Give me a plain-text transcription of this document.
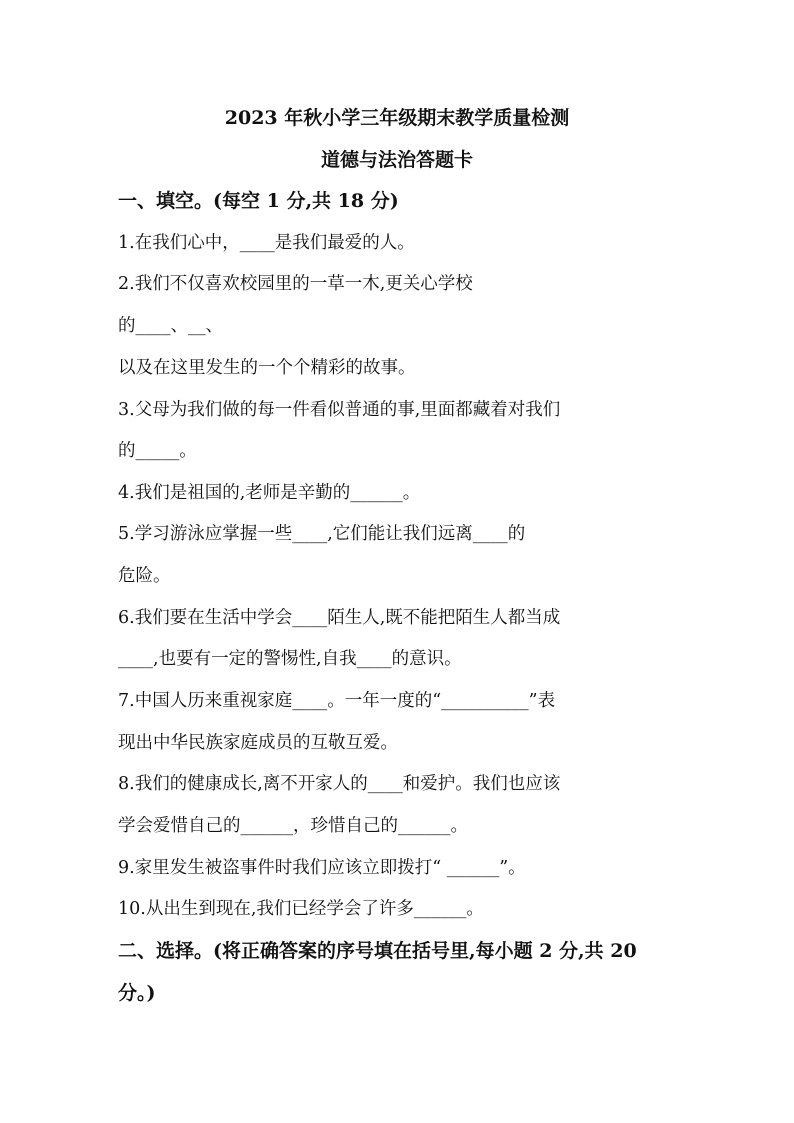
2023 年秋小学三年级期末教学质量检测
道德与法治答题卡
一、填空。(每空 1 分,共 18 分)
1.在我们心中，____是我们最爱的人。
2.我们不仅喜欢校园里的一草一木,更关心学校
的____、__、
以及在这里发生的一个个精彩的故事。
3.父母为我们做的每一件看似普通的事,里面都藏着对我们
的_____。
4.我们是祖国的,老师是辛勤的______。
5.学习游泳应掌握一些____,它们能让我们远离____的
危险。
6.我们要在生活中学会____陌生人,既不能把陌生人都当成
____,也要有一定的警惕性,自我____的意识。
7.中国人历来重视家庭____。一年一度的“__________”表
现出中华民族家庭成员的互敬互爱。
8.我们的健康成长,离不开家人的____和爱护。我们也应该
学会爱惜自己的______，珍惜自己的______。
9.家里发生被盗事件时我们应该立即拨打“ ______”。
10.从出生到现在,我们已经学会了许多______。
二、选择。(将正确答案的序号填在括号里,每小题 2 分,共 20
分。)
